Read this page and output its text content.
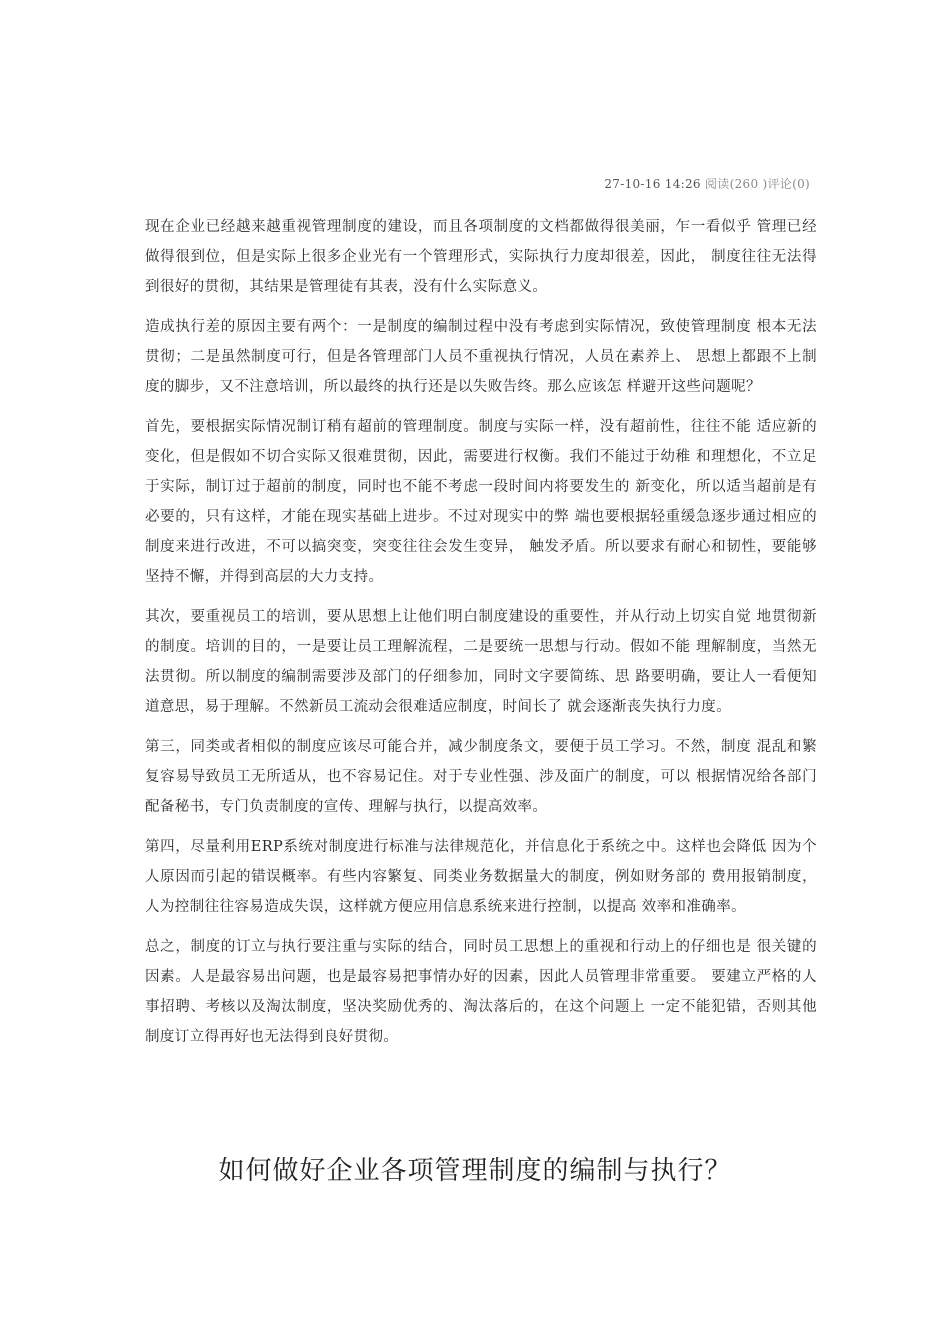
27-10-16 14:26 阅读(260 )评论(0)

现在企业已经越来越重视管理制度的建设，而且各项制度的文档都做得很美丽，乍一看似乎 管理已经做得很到位，但是实际上很多企业光有一个管理形式，实际执行力度却很差，因此， 制度往往无法得到很好的贯彻，其结果是管理徒有其表，没有什么实际意义。

造成执行差的原因主要有两个：一是制度的编制过程中没有考虑到实际情况，致使管理制度 根本无法贯彻；二是虽然制度可行，但是各管理部门人员不重视执行情况，人员在素养上、 思想上都跟不上制度的脚步，又不注意培训，所以最终的执行还是以失败告终。那么应该怎 样避开这些问题呢？

首先，要根据实际情况制订稍有超前的管理制度。制度与实际一样，没有超前性，往往不能 适应新的变化，但是假如不切合实际又很难贯彻，因此，需要进行权衡。我们不能过于幼稚 和理想化，不立足于实际，制订过于超前的制度，同时也不能不考虑一段时间内将要发生的 新变化，所以适当超前是有必要的，只有这样，才能在现实基础上进步。不过对现实中的弊 端也要根据轻重缓急逐步通过相应的制度来进行改进，不可以搞突变，突变往往会发生变异， 触发矛盾。所以要求有耐心和韧性，要能够坚持不懈，并得到高层的大力支持。

其次，要重视员工的培训，要从思想上让他们明白制度建设的重要性，并从行动上切实自觉 地贯彻新的制度。培训的目的，一是要让员工理解流程，二是要统一思想与行动。假如不能 理解制度，当然无法贯彻。所以制度的编制需要涉及部门的仔细参加，同时文字要简练、思 路要明确，要让人一看便知道意思，易于理解。不然新员工流动会很难适应制度，时间长了 就会逐渐丧失执行力度。

第三，同类或者相似的制度应该尽可能合并，减少制度条文，要便于员工学习。不然，制度 混乱和繁复容易导致员工无所适从，也不容易记住。对于专业性强、涉及面广的制度，可以 根据情况给各部门配备秘书，专门负责制度的宣传、理解与执行，以提高效率。

第四，尽量利用ERP系统对制度进行标准与法律规范化，并信息化于系统之中。这样也会降低 因为个人原因而引起的错误概率。有些内容繁复、同类业务数据量大的制度，例如财务部的 费用报销制度，人为控制往往容易造成失误，这样就方便应用信息系统来进行控制，以提高 效率和准确率。

总之，制度的订立与执行要注重与实际的结合，同时员工思想上的重视和行动上的仔细也是 很关键的因素。人是最容易出问题，也是最容易把事情办好的因素，因此人员管理非常重要。 要建立严格的人事招聘、考核以及淘汰制度，坚决奖励优秀的、淘汰落后的，在这个问题上 一定不能犯错，否则其他制度订立得再好也无法得到良好贯彻。

如何做好企业各项管理制度的编制与执行？
